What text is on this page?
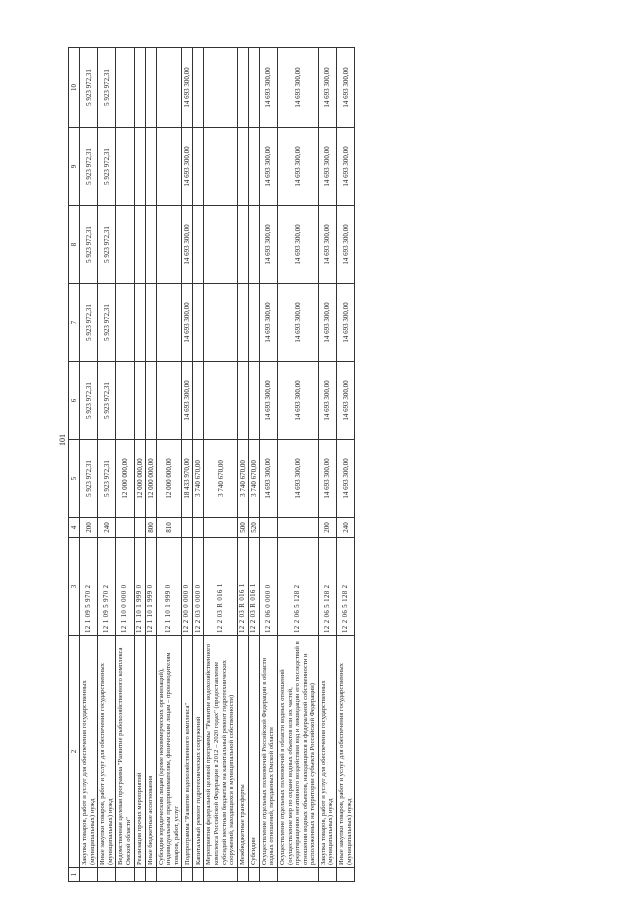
101
1	2	3	4	5	6	7	8	9	10
	Закупка товаров, работ и услуг для обеспечения государственных (муниципальных) нужд	12 1 09 5 970 2	200	5 923 972,31	5 923 972,31	5 923 972,31	5 923 972,31	5 923 972,31	5 923 972,31
	Иные закупки товаров, работ и услуг для обеспечения государственных (муниципальных) нужд	12 1 09 5 970 2	240	5 923 972,31	5 923 972,31	5 923 972,31	5 923 972,31	5 923 972,31	5 923 972,31
	Ведомственная целевая программа "Развитие рыбохозяйственного комплекса Омской области"	12 1 10 0 000 0		12 000 000,00					
	Реализация прочих мероприятий	12 1 10 1 999 0		12 000 000,00					
	Иные бюджетные ассигнования	12 1 10 1 999 0	800	12 000 000,00					
	Субсидии юридическим лицам (кроме некоммерческих организаций), индивидуальным предпринимателям, физическим лицам – производителям товаров, работ, услуг	12 1 10 1 999 0	810	12 000 000,00					
	Подпрограмма "Развитие водохозяйственного комплекса"	12 2 00 0 000 0		18 433 970,00	14 693 300,00	14 693 300,00	14 693 300,00	14 693 300,00	14 693 300,00
	Капитальный ремонт гидротехнических сооружений	12 2 03 0 000 0		3 740 670,00					
	Мероприятия федеральной целевой программы "Развитие водохозяйственного комплекса Российской Федерации в 2012 – 2020 годах" (предоставление субсидий местным бюджетам на капитальный ремонт гидротехнических сооружений, находящихся в муниципальной собственности)	12 2 03 R 016 1		3 740 670,00					
	Межбюджетные трансферты	12 2 03 R 016 1	500	3 740 670,00					
	Субсидии	12 2 03 R 016 1	520	3 740 670,00					
	Осуществление отдельных полномочий Российской Федерации в области водных отношений, переданных Омской области	12 2 06 0 000 0		14 693 300,00	14 693 300,00	14 693 300,00	14 693 300,00	14 693 300,00	14 693 300,00
	Осуществление отдельных полномочий в области водных отношений (осуществление мер по охране водных объектов или их частей, предотвращению негативного воздействия вод и ликвидации его последствий в отношении водных объектов, находящихся в федеральной собственности и расположенных на территории субъекта Российской Федерации)	12 2 06 5 128 2		14 693 300,00	14 693 300,00	14 693 300,00	14 693 300,00	14 693 300,00	14 693 300,00
	Закупка товаров, работ и услуг для обеспечения государственных (муниципальных) нужд	12 2 06 5 128 2	200	14 693 300,00	14 693 300,00	14 693 300,00	14 693 300,00	14 693 300,00	14 693 300,00
	Иные закупки товаров, работ и услуг для обеспечения государственных (муниципальных) нужд	12 2 06 5 128 2	240	14 693 300,00	14 693 300,00	14 693 300,00	14 693 300,00	14 693 300,00	14 693 300,00
